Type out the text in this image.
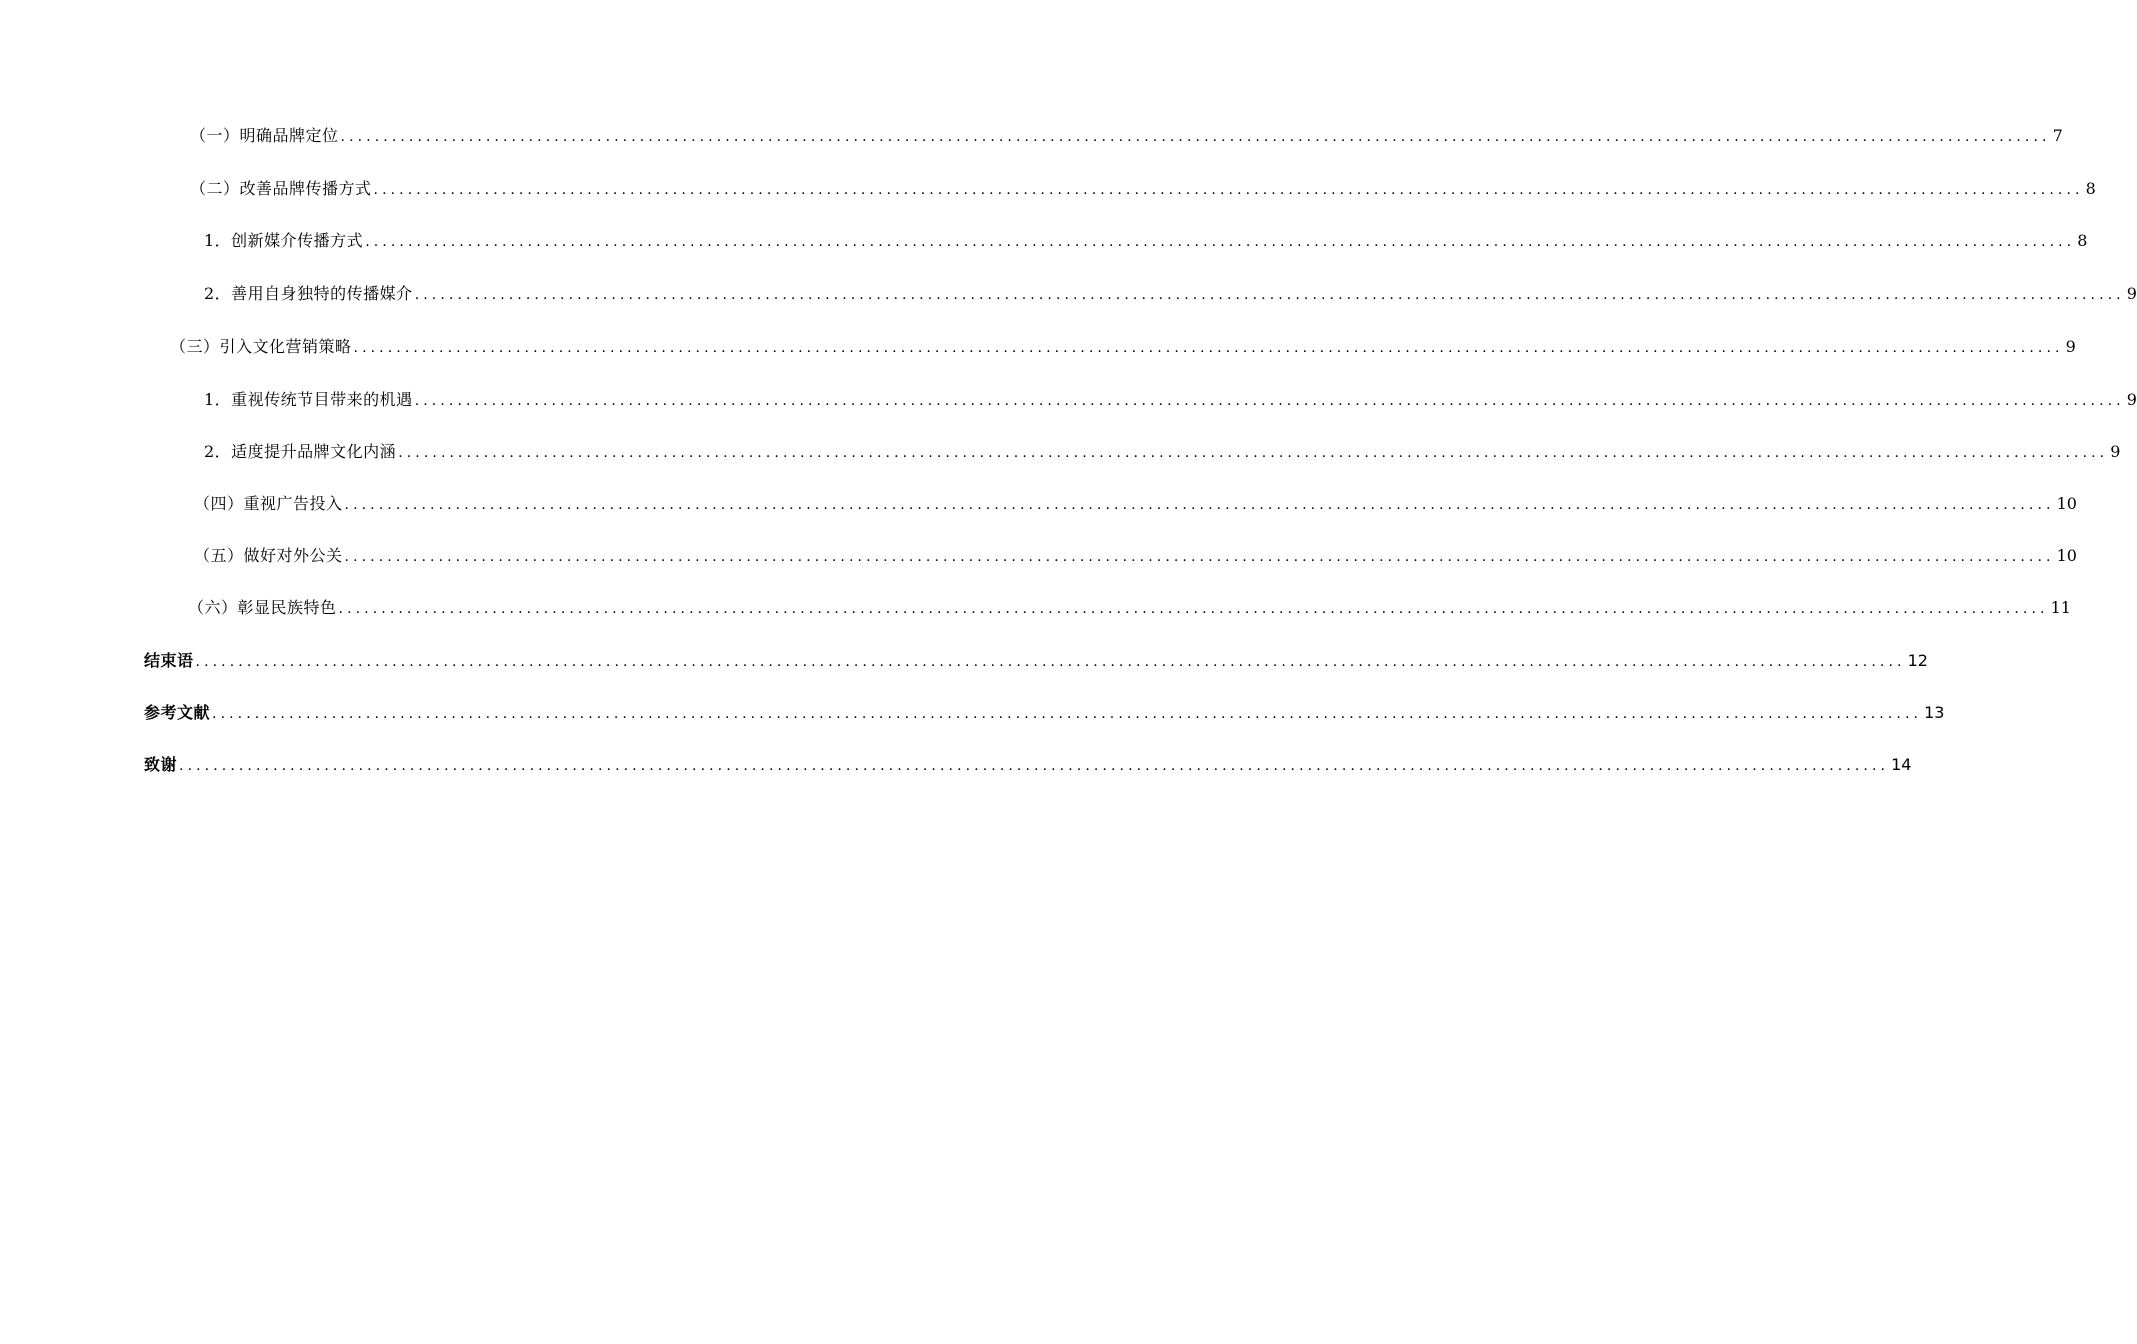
（一）明确品牌定位 ........................................................................................................................................................................................................ 7
（二）改善品牌传播方式 ........................................................................................................................................................................................................ 8
1．创新媒介传播方式 ........................................................................................................................................................................................................ 8
2．善用自身独特的传播媒介 ........................................................................................................................................................................................................ 9
（三）引入文化营销策略 ........................................................................................................................................................................................................ 9
1．重视传统节目带来的机遇 ........................................................................................................................................................................................................ 9
2．适度提升品牌文化内涵 ........................................................................................................................................................................................................ 9
（四）重视广告投入 ........................................................................................................................................................................................................ 10
（五）做好对外公关 ........................................................................................................................................................................................................ 10
（六）彰显民族特色 ........................................................................................................................................................................................................ 11
结束语 ........................................................................................................................................................................................................ 12
参考文献 ........................................................................................................................................................................................................ 13
致谢 ........................................................................................................................................................................................................ 14
